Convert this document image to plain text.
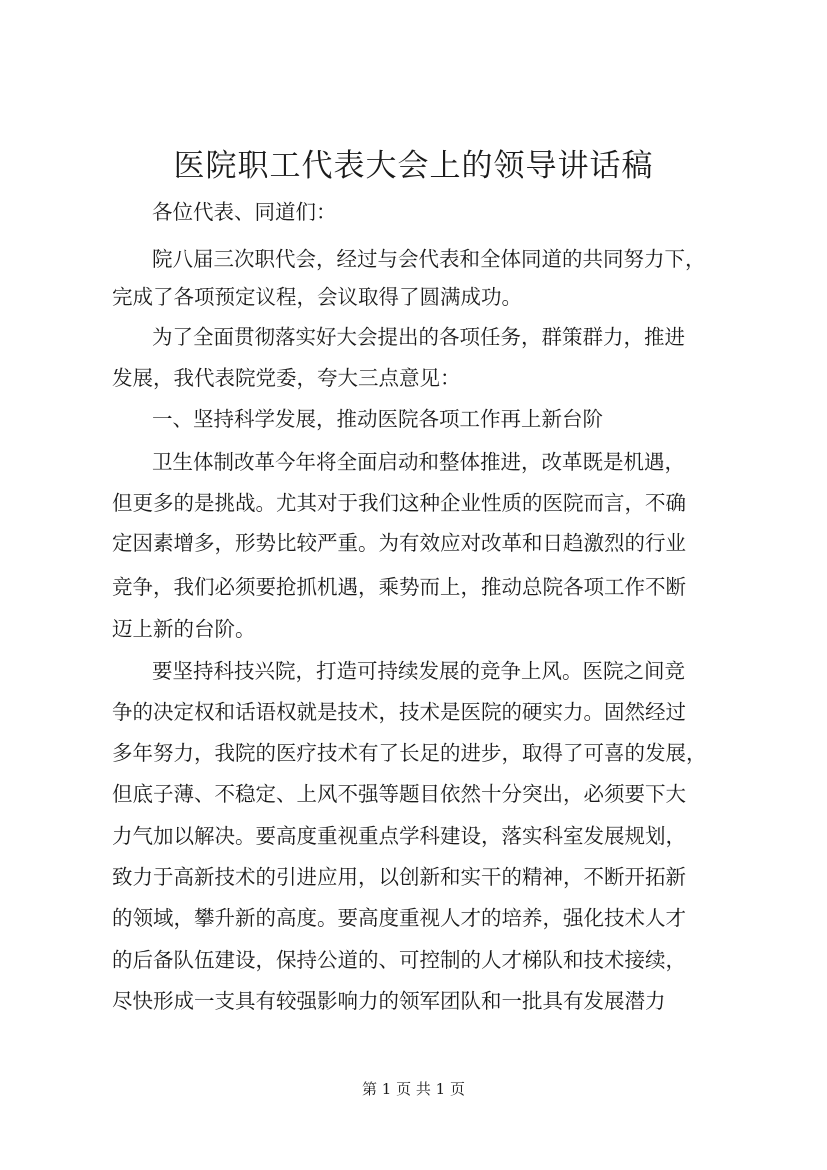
医院职工代表大会上的领导讲话稿

各位代表、同道们：

院八届三次职代会，经过与会代表和全体同道的共同努力下，

完成了各项预定议程，会议取得了圆满成功。

为了全面贯彻落实好大会提出的各项任务，群策群力，推进

发展，我代表院党委，夸大三点意见：

一、坚持科学发展，推动医院各项工作再上新台阶

卫生体制改革今年将全面启动和整体推进，改革既是机遇，

但更多的是挑战。尤其对于我们这种企业性质的医院而言，不确

定因素增多，形势比较严重。为有效应对改革和日趋激烈的行业

竞争，我们必须要抢抓机遇，乘势而上，推动总院各项工作不断

迈上新的台阶。

要坚持科技兴院，打造可持续发展的竞争上风。医院之间竞

争的决定权和话语权就是技术，技术是医院的硬实力。固然经过

多年努力，我院的医疗技术有了长足的进步，取得了可喜的发展，

但底子薄、不稳定、上风不强等题目依然十分突出，必须要下大

力气加以解决。要高度重视重点学科建设，落实科室发展规划，

致力于高新技术的引进应用，以创新和实干的精神，不断开拓新

的领域，攀升新的高度。要高度重视人才的培养，强化技术人才

的后备队伍建设，保持公道的、可控制的人才梯队和技术接续，

尽快形成一支具有较强影响力的领军团队和一批具有发展潜力

第 1 页 共 1 页
